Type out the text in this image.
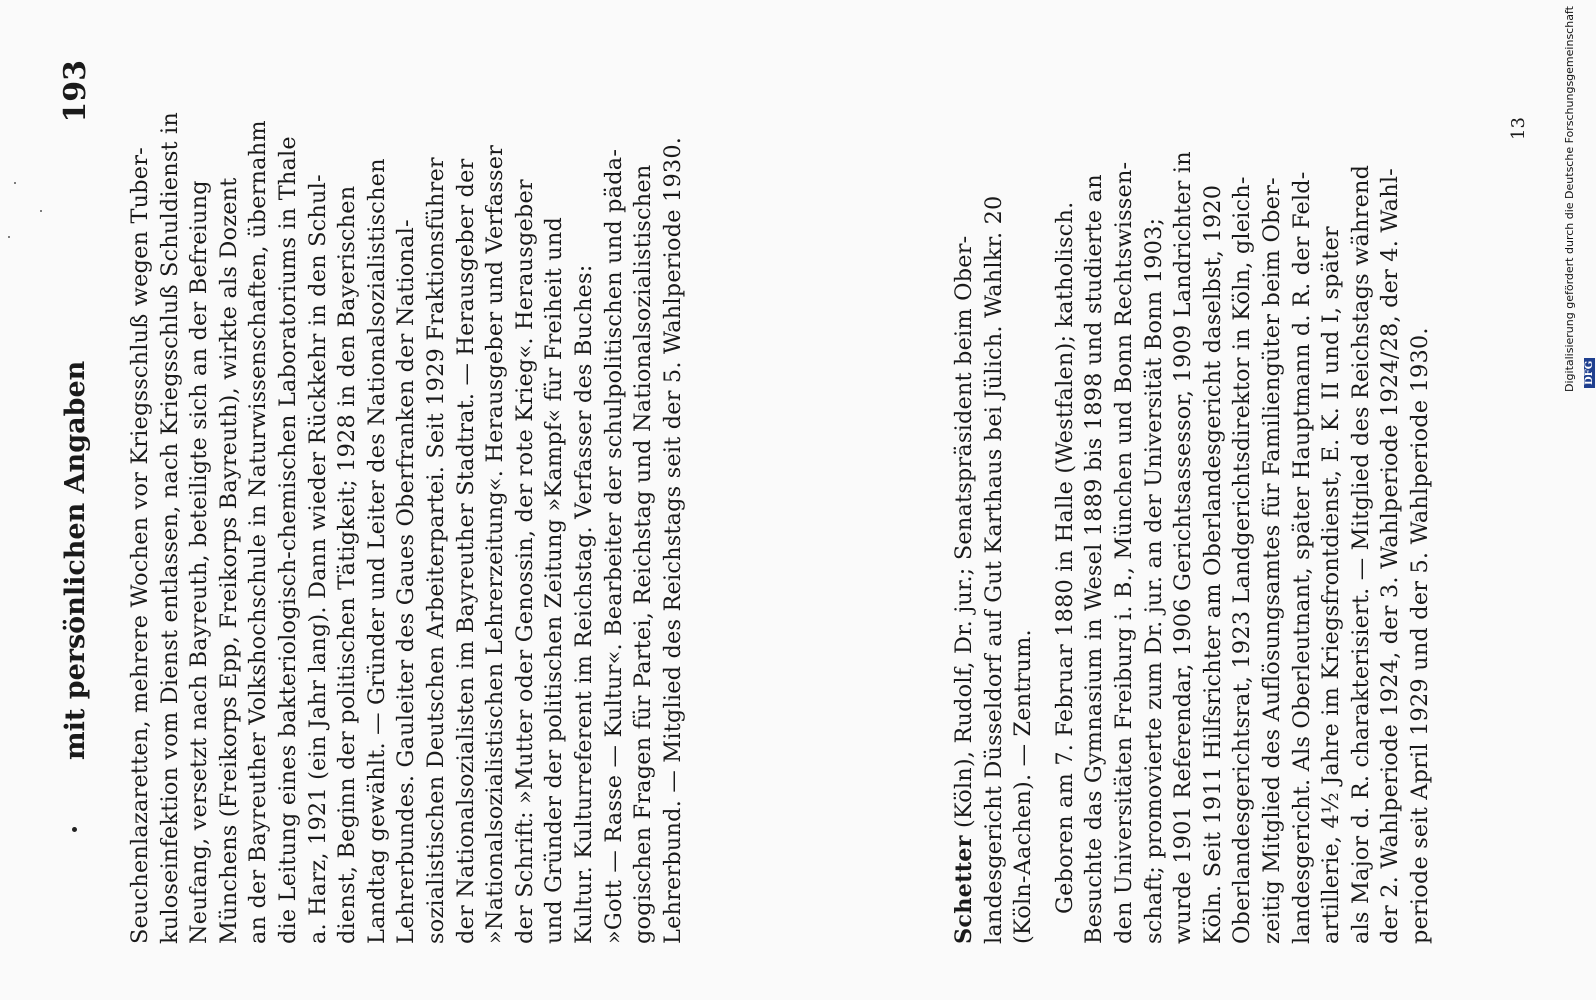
mit persönlichen Angaben
193

Seuchenlazaretten, mehrere Wochen vor Kriegsschluß wegen Tuber- kuloseinfektion vom Dienst entlassen, nach Kriegsschluß Schuldienst in Neufang, versetzt nach Bayreuth, beteiligte sich an der Befreiung Münchens (Freikorps Epp, Freikorps Bayreuth), wirkte als Dozent an der Bayreuther Volkshochschule in Naturwissenschaften, übernahm die Leitung eines bakteriologisch-chemischen Laboratoriums in Thale a. Harz, 1921 (ein Jahr lang). Dann wieder Rückkehr in den Schul- dienst, Beginn der politischen Tätigkeit; 1928 in den Bayerischen Landtag gewählt. — Gründer und Leiter des Nationalsozialistischen Lehrerbundes. Gauleiter des Gaues Oberfranken der National- sozialistischen Deutschen Arbeiterpartei. Seit 1929 Fraktionsführer der Nationalsozialisten im Bayreuther Stadtrat. — Herausgeber der »Nationalsozialistischen Lehrerzeitung«. Herausgeber und Verfasser der Schrift: »Mutter oder Genossin, der rote Krieg«. Herausgeber und Gründer der politischen Zeitung »Kampf« für Freiheit und Kultur. Kulturreferent im Reichstag. Verfasser des Buches: »Gott — Rasse — Kultur«. Bearbeiter der schulpolitischen und päda- gogischen Fragen für Partei, Reichstag und Nationalsozialistischen Lehrerbund. — Mitglied des Reichstags seit der 5. Wahlperiode 1930.	Schetter (Köln), Rudolf, Dr. jur.; Senatspräsident beim Ober- landesgericht Düsseldorf auf Gut Karthaus bei Jülich. Wahlkr. 20 (Köln-Aachen). — Zentrum. Geboren am 7. Februar 1880 in Halle (Westfalen); katholisch. Besuchte das Gymnasium in Wesel 1889 bis 1898 und studierte an den Universitäten Freiburg i. B., München und Bonn Rechtswissen- schaft; promovierte zum Dr. jur. an der Universität Bonn 1903; wurde 1901 Referendar, 1906 Gerichtsassessor, 1909 Landrichter in Köln. Seit 1911 Hilfsrichter am Oberlandesgericht daselbst, 1920 Oberlandesgerichtsrat, 1923 Landgerichtsdirektor in Köln, gleich- zeitig Mitglied des Auflösungsamtes für Familiengüter beim Ober- landesgericht. Als Oberleutnant, später Hauptmann d. R. der Feld- artillerie, 4½ Jahre im Kriegsfrontdienst, E. K. II und I, später als Major d. R. charakterisiert. — Mitglied des Reichstags während der 2. Wahlperiode 1924, der 3. Wahlperiode 1924/28, der 4. Wahl- periode seit April 1929 und der 5. Wahlperiode 1930.

13	Digitalisierung gefördert durch die Deutsche Forschungsgemeinschaft DFG
